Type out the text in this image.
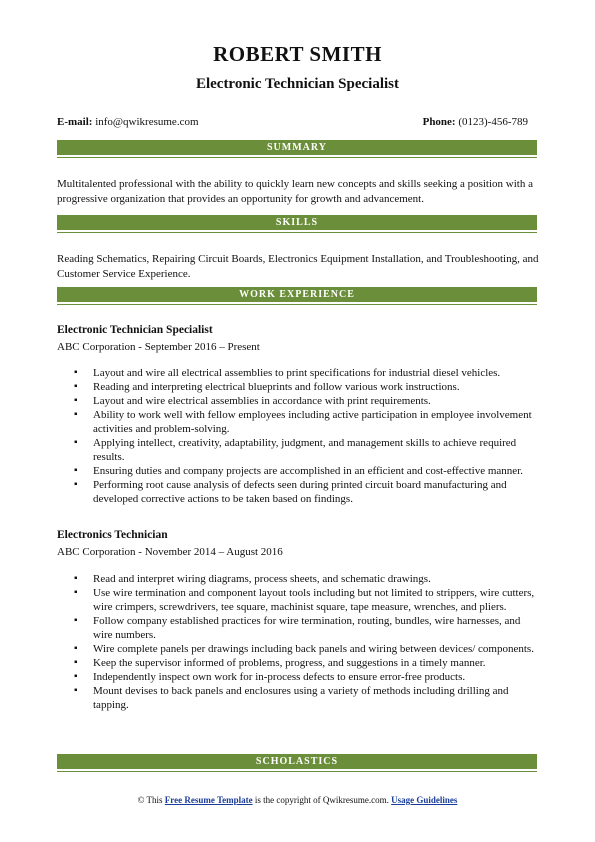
ROBERT SMITH
Electronic Technician Specialist
E-mail: info@qwikresume.com	Phone: (0123)-456-789
SUMMARY
Multitalented professional with the ability to quickly learn new concepts and skills seeking a position with a progressive organization that provides an opportunity for growth and advancement.
SKILLS
Reading Schematics, Repairing Circuit Boards, Electronics Equipment Installation, and Troubleshooting, and Customer Service Experience.
WORK EXPERIENCE
Electronic Technician Specialist
ABC Corporation - September 2016 – Present
▪ Layout and wire all electrical assemblies to print specifications for industrial diesel vehicles.
▪ Reading and interpreting electrical blueprints and follow various work instructions.
▪ Layout and wire electrical assemblies in accordance with print requirements.
▪ Ability to work well with fellow employees including active participation in employee involvement activities and problem-solving.
▪ Applying intellect, creativity, adaptability, judgment, and management skills to achieve required results.
▪ Ensuring duties and company projects are accomplished in an efficient and cost-effective manner.
▪ Performing root cause analysis of defects seen during printed circuit board manufacturing and developed corrective actions to be taken based on findings.
Electronics Technician
ABC Corporation - November 2014 – August 2016
▪ Read and interpret wiring diagrams, process sheets, and schematic drawings.
▪ Use wire termination and component layout tools including but not limited to strippers, wire cutters, wire crimpers, screwdrivers, tee square, machinist square, tape measure, wrenches, and pliers.
▪ Follow company established practices for wire termination, routing, bundles, wire harnesses, and wire numbers.
▪ Wire complete panels per drawings including back panels and wiring between devices/ components.
▪ Keep the supervisor informed of problems, progress, and suggestions in a timely manner.
▪ Independently inspect own work for in-process defects to ensure error-free products.
▪ Mount devises to back panels and enclosures using a variety of methods including drilling and tapping.
SCHOLASTICS
© This Free Resume Template is the copyright of Qwikresume.com. Usage Guidelines
